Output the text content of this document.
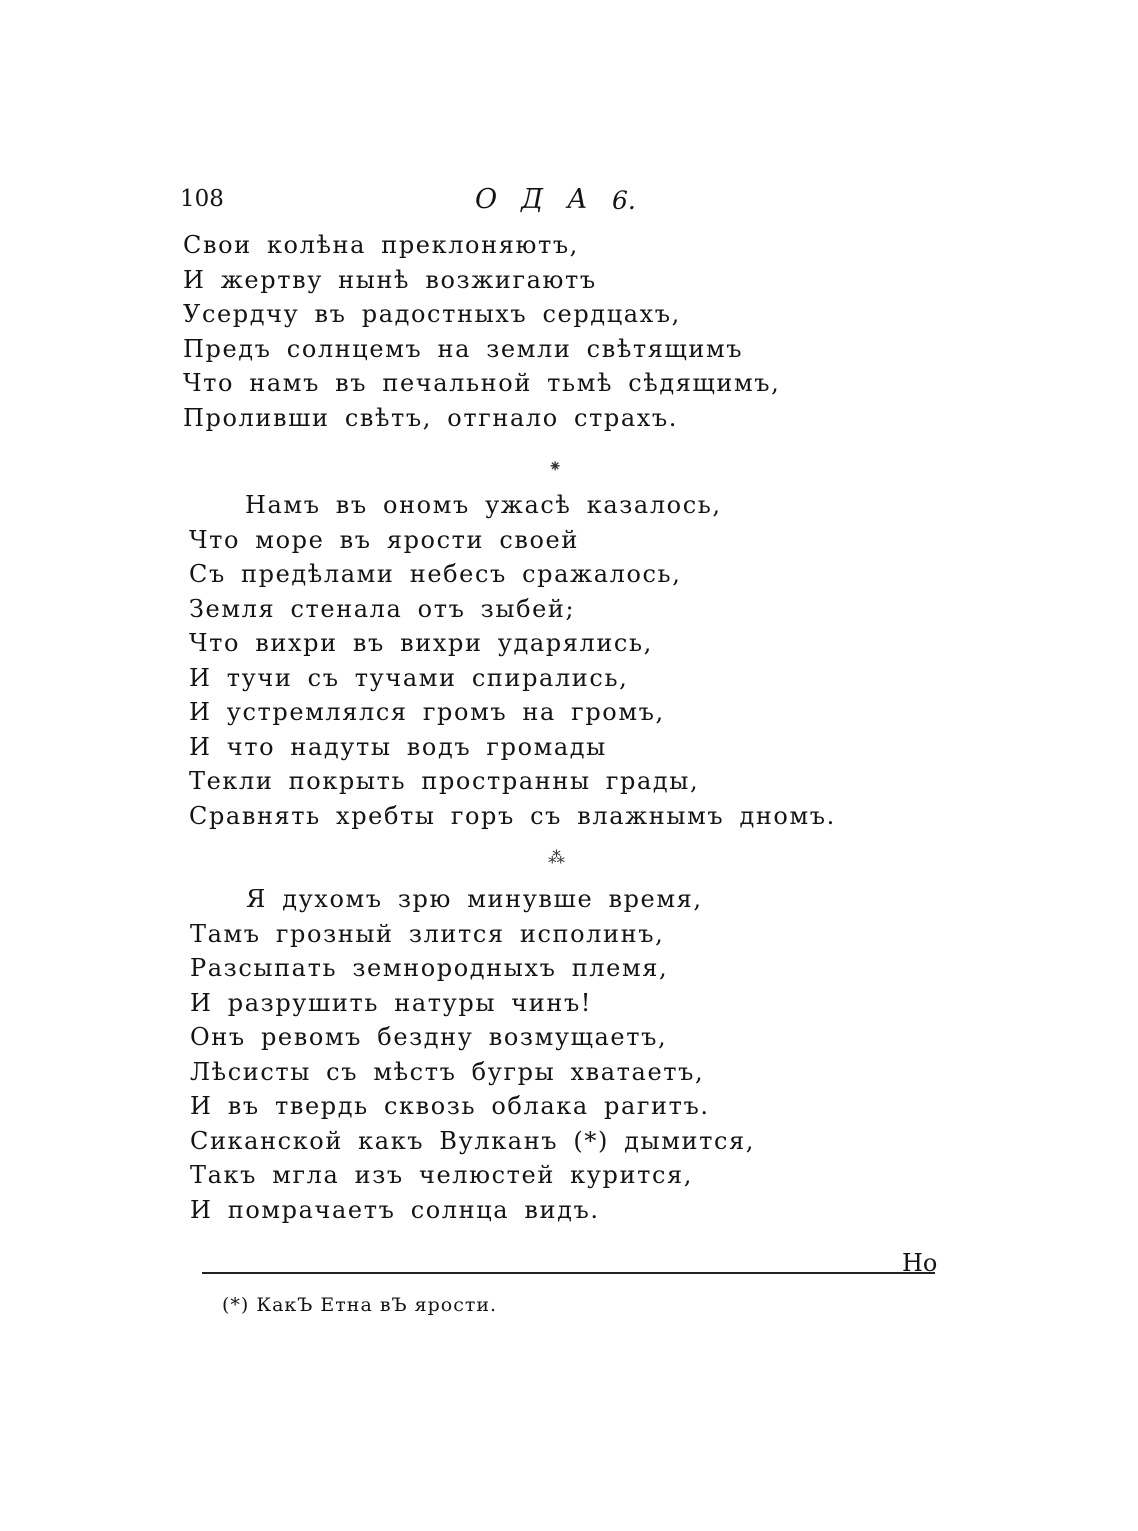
108	ОДА 6.
Свои колѣна преклоняютъ,
И жертву нынѣ возжигаютъ
Усердчу въ радостныхъ сердцахъ,
Предъ солнцемъ на земли свѣтящимъ
Что намъ въ печальной тьмѣ сѣдящимъ,
Проливши свѣтъ, отгнало страхъ.
⁕
Намъ въ ономъ ужасѣ казалось,
Что море въ ярости своей
Съ предѣлами небесъ сражалось,
Земля стенала отъ зыбей;
Что вихри въ вихри ударялись,
И тучи съ тучами спирались,
И устремлялся громъ на громъ,
И что надуты водъ громады
Текли покрыть пространны грады,
Сравнять хребты горъ съ влажнымъ дномъ.
⁂
Я духомъ зрю минувше время,
Тамъ грозный злится исполинъ,
Разсыпать земнородныхъ племя,
И разрушить натуры чинъ!
Онъ ревомъ бездну возмущаетъ,
Лѣсисты съ мѣстъ бугры хватаетъ,
И въ твердь сквозь облака рагитъ.
Сиканской какъ Вулканъ (*) дымится,
Такъ мгла изъ челюстей курится,
И помрачаетъ солнца видъ.
Но
(*) КакЪ Етна вЪ ярости.
